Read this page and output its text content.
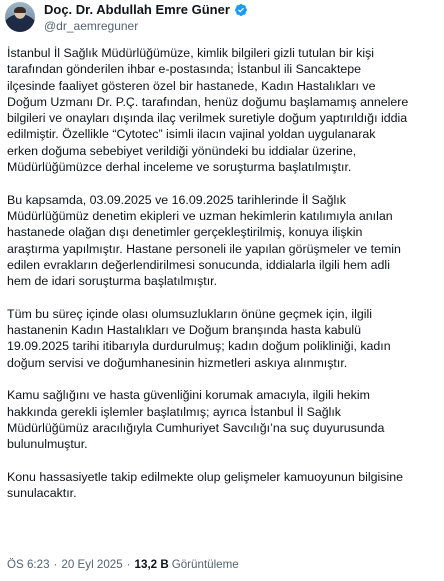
Doç. Dr. Abdullah Emre Güner
@dr_aemreguner

İstanbul İl Sağlık Müdürlüğümüze, kimlik bilgileri gizli tutulan bir kişi
tarafından gönderilen ihbar e-postasında; İstanbul ili Sancaktepe
ilçesinde faaliyet gösteren özel bir hastanede, Kadın Hastalıkları ve
Doğum Uzmanı Dr. P.Ç. tarafından, henüz doğumu başlamamış annelere
bilgileri ve onayları dışında ilaç verilmek suretiyle doğum yaptırıldığı iddia
edilmiştir. Özellikle “Cytotec” isimli ilacın vajinal yoldan uygulanarak
erken doğuma sebebiyet verildiği yönündeki bu iddialar üzerine,
Müdürlüğümüzce derhal inceleme ve soruşturma başlatılmıştır.

Bu kapsamda, 03.09.2025 ve 16.09.2025 tarihlerinde İl Sağlık
Müdürlüğümüz denetim ekipleri ve uzman hekimlerin katılımıyla anılan
hastanede olağan dışı denetimler gerçekleştirilmiş, konuya ilişkin
araştırma yapılmıştır. Hastane personeli ile yapılan görüşmeler ve temin
edilen evrakların değerlendirilmesi sonucunda, iddialarla ilgili hem adli
hem de idari soruşturma başlatılmıştır.

Tüm bu süreç içinde olası olumsuzlukların önüne geçmek için, ilgili
hastanenin Kadın Hastalıkları ve Doğum branşında hasta kabulü
19.09.2025 tarihi itibarıyla durdurulmuş; kadın doğum polikliniği, kadın
doğum servisi ve doğumhanesinin hizmetleri askıya alınmıştır.

Kamu sağlığını ve hasta güvenliğini korumak amacıyla, ilgili hekim
hakkında gerekli işlemler başlatılmış; ayrıca İstanbul İl Sağlık
Müdürlüğümüz aracılığıyla Cumhuriyet Savcılığı’na suç duyurusunda
bulunulmuştur.

Konu hassasiyetle takip edilmekte olup gelişmeler kamuoyunun bilgisine
sunulacaktır.

ÖS 6:23 · 20 Eyl 2025 · 13,2 B Görüntüleme
